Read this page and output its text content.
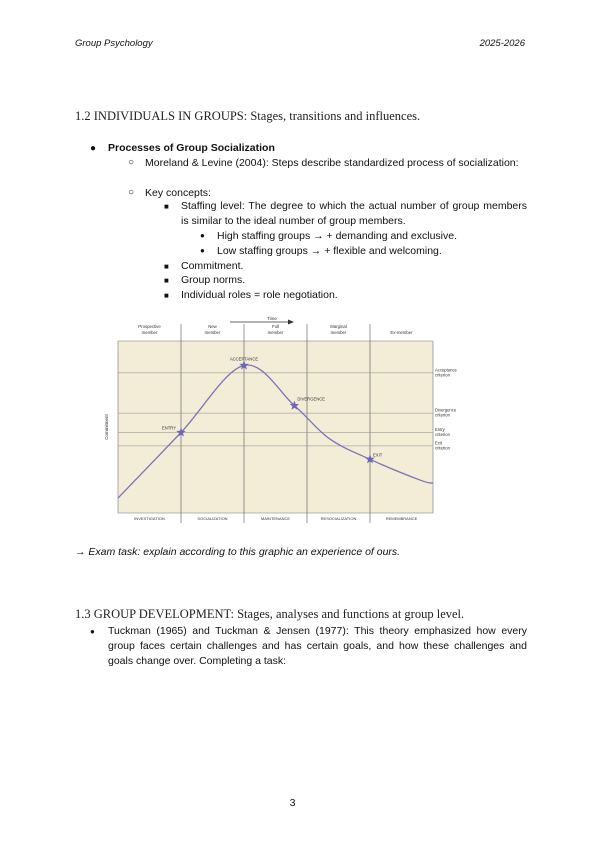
Group Psychology	2025-2026
1.2 INDIVIDUALS IN GROUPS: Stages, transitions and influences.
● Processes of Group Socialization
○ Moreland & Levine (2004): Steps describe standardized process of socialization:
○ Key concepts:
■ Staffing level: The degree to which the actual number of group members is similar to the ideal number of group members.
● High staffing groups → + demanding and exclusive.
● Low staffing groups → + flexible and welcoming.
■ Commitment.
■ Group norms.
■ Individual roles = role negotiation.
Time
Prospective
member
New
member
Full
member
Marginal
member	Ex-member
INVESTIGATION	SOCIALIZATION	MAINTENANCE	RESOCIALIZATION	REMEMBRANCE
Acceptance
criterion
Divergence
criterion
Entry
criterion
Exit
criterion
Commitment	ENTRY
ACCEPTANCE
DIVERGENCE
EXIT
→ Exam task: explain according to this graphic an experience of ours.
1.3 GROUP DEVELOPMENT: Stages, analyses and functions at group level.
● Tuckman (1965) and Tuckman & Jensen (1977): This theory emphasized how every group faces certain challenges and has certain goals, and how these challenges and goals change over. Completing a task:
3
